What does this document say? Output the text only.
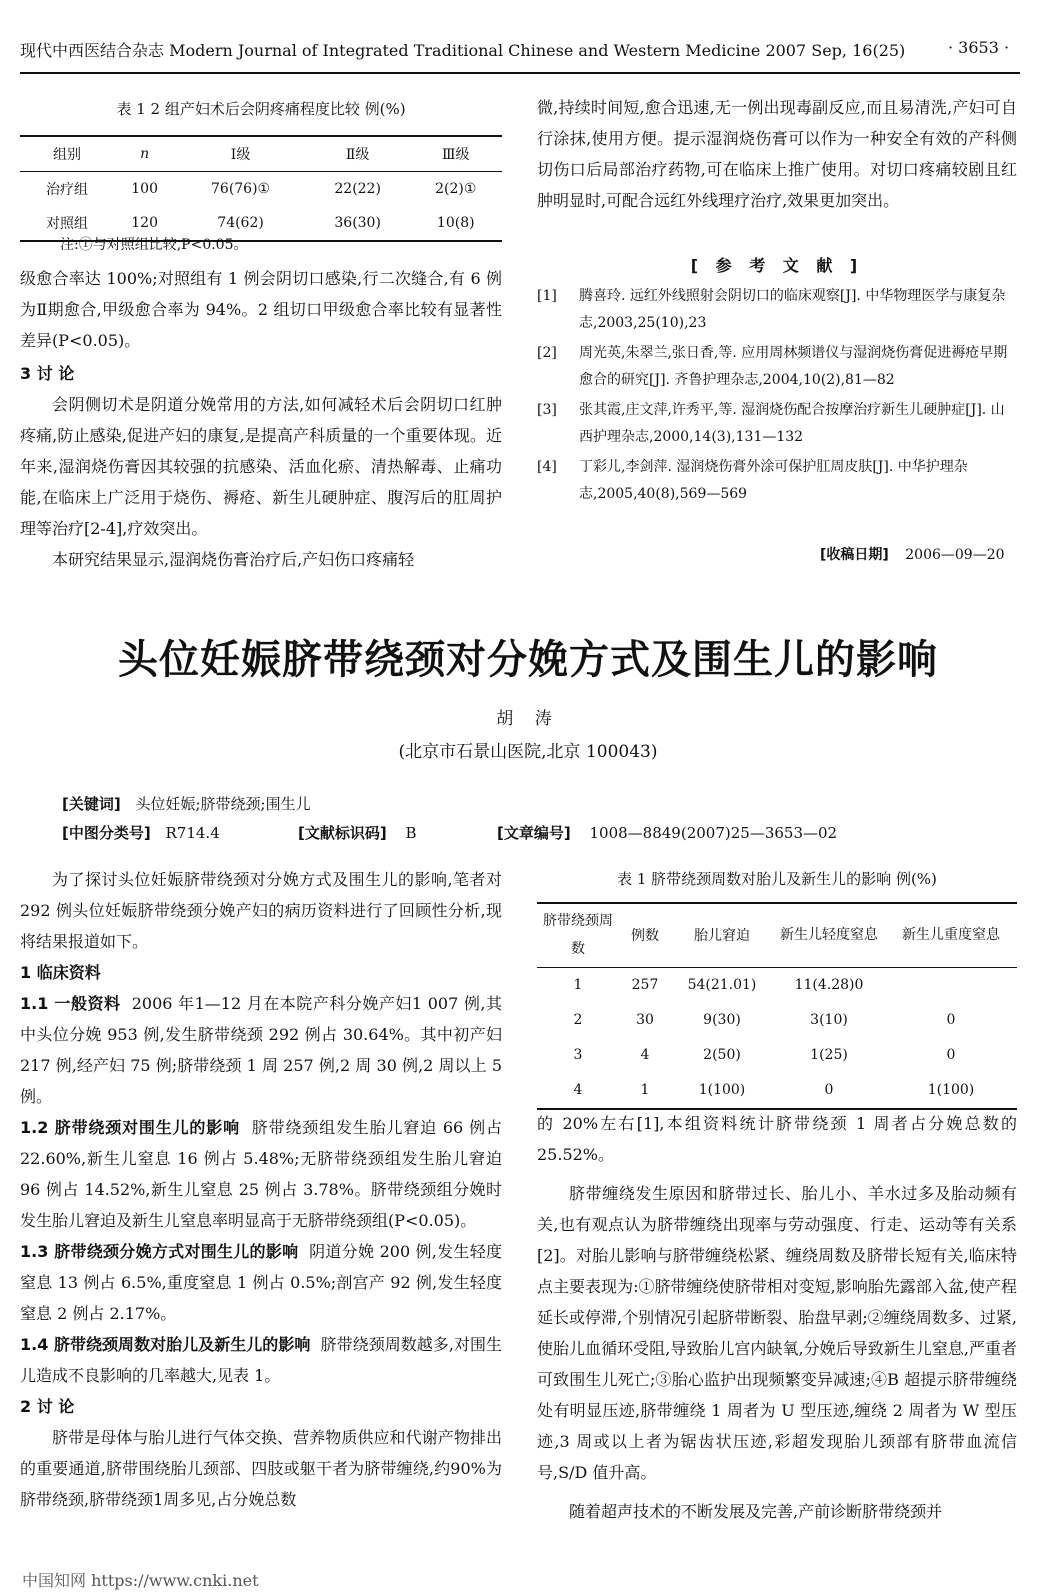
现代中西医结合杂志 Modern Journal of Integrated Traditional Chinese and Western Medicine 2007 Sep, 16(25)	· 3653 ·
表 1 2 组产妇术后会阴疼痛程度比较 例(%)
组别	n	Ⅰ级	Ⅱ级	Ⅲ级
治疗组	100	76(76)①	22(22)	2(2)①
对照组	120	74(62)	36(30)	10(8)
注:①与对照组比较,P<0.05。

级愈合率达 100%;对照组有 1 例会阴切口感染,行二次缝合,有 6 例为Ⅱ期愈合,甲级愈合率为 94%。2 组切口甲级愈合率比较有显著性差异(P<0.05)。

3 讨 论

会阴侧切术是阴道分娩常用的方法,如何减轻术后会阴切口红肿疼痛,防止感染,促进产妇的康复,是提高产科质量的一个重要体现。近年来,湿润烧伤膏因其较强的抗感染、活血化瘀、清热解毒、止痛功能,在临床上广泛用于烧伤、褥疮、新生儿硬肿症、腹泻后的肛周护理等治疗[2-4],疗效突出。

本研究结果显示,湿润烧伤膏治疗后,产妇伤口疼痛轻

微,持续时间短,愈合迅速,无一例出现毒副反应,而且易清洗,产妇可自行涂抹,使用方便。提示湿润烧伤膏可以作为一种安全有效的产科侧切伤口后局部治疗药物,可在临床上推广使用。对切口疼痛较剧且红肿明显时,可配合远红外线理疗治疗,效果更加突出。

[ 参 考 文 献 ]
[1]	腾喜玲. 远红外线照射会阴切口的临床观察[J]. 中华物理医学与康复杂志,2003,25(10),23
[2]	周光英,朱翠兰,张日香,等. 应用周林频谱仪与湿润烧伤膏促进褥疮早期愈合的研究[J]. 齐鲁护理杂志,2004,10(2),81—82
[3]	张其霞,庄文萍,许秀平,等. 湿润烧伤配合按摩治疗新生儿硬肿症[J]. 山西护理杂志,2000,14(3),131—132
[4]	丁彩儿,李剑萍. 湿润烧伤膏外涂可保护肛周皮肤[J]. 中华护理杂志,2005,40(8),569—569
[收稿日期] 2006—09—20
头位妊娠脐带绕颈对分娩方式及围生儿的影响
胡 涛
(北京市石景山医院,北京 100043)
[关键词] 头位妊娠;脐带绕颈;围生儿
[中图分类号] R714.4	[文献标识码] B	[文章编号] 1008—8849(2007)25—3653—02

为了探讨头位妊娠脐带绕颈对分娩方式及围生儿的影响,笔者对 292 例头位妊娠脐带绕颈分娩产妇的病历资料进行了回顾性分析,现将结果报道如下。

1 临床资料

1.1 一般资料 2006 年1—12 月在本院产科分娩产妇1 007 例,其中头位分娩 953 例,发生脐带绕颈 292 例占 30.64%。其中初产妇 217 例,经产妇 75 例;脐带绕颈 1 周 257 例,2 周 30 例,2 周以上 5 例。

1.2 脐带绕颈对围生儿的影响 脐带绕颈组发生胎儿窘迫 66 例占 22.60%,新生儿窒息 16 例占 5.48%;无脐带绕颈组发生胎儿窘迫 96 例占 14.52%,新生儿窒息 25 例占 3.78%。脐带绕颈组分娩时发生胎儿窘迫及新生儿窒息率明显高于无脐带绕颈组(P<0.05)。

1.3 脐带绕颈分娩方式对围生儿的影响 阴道分娩 200 例,发生轻度窒息 13 例占 6.5%,重度窒息 1 例占 0.5%;剖宫产 92 例,发生轻度窒息 2 例占 2.17%。

1.4 脐带绕颈周数对胎儿及新生儿的影响 脐带绕颈周数越多,对围生儿造成不良影响的几率越大,见表 1。

2 讨 论

脐带是母体与胎儿进行气体交换、营养物质供应和代谢产物排出的重要通道,脐带围绕胎儿颈部、四肢或躯干者为脐带缠绕,约90%为脐带绕颈,脐带绕颈1周多见,占分娩总数

表 1 脐带绕颈周数对胎儿及新生儿的影响 例(%)
脐带绕颈周数	例数	胎儿窘迫	新生儿轻度窒息	新生儿重度窒息
1	257	54(21.01)	11(4.28)0	
2	30	9(30)	3(10)	0
3	4	2(50)	1(25)	0
4	1	1(100)	0	1(100)

的 20%左右[1],本组资料统计脐带绕颈 1 周者占分娩总数的 25.52%。

脐带缠绕发生原因和脐带过长、胎儿小、羊水过多及胎动频有关,也有观点认为脐带缠绕出现率与劳动强度、行走、运动等有关系[2]。对胎儿影响与脐带缠绕松紧、缠绕周数及脐带长短有关,临床特点主要表现为:①脐带缠绕使脐带相对变短,影响胎先露部入盆,使产程延长或停滞,个别情况引起脐带断裂、胎盘早剥;②缠绕周数多、过紧,使胎儿血循环受阻,导致胎儿宫内缺氧,分娩后导致新生儿窒息,严重者可致围生儿死亡;③胎心监护出现频繁变异减速;④B 超提示脐带缠绕处有明显压迹,脐带缠绕 1 周者为 U 型压迹,缠绕 2 周者为 W 型压迹,3 周或以上者为锯齿状压迹,彩超发现胎儿颈部有脐带血流信号,S/D 值升高。

随着超声技术的不断发展及完善,产前诊断脐带绕颈并

中国知网 https://www.cnki.net
